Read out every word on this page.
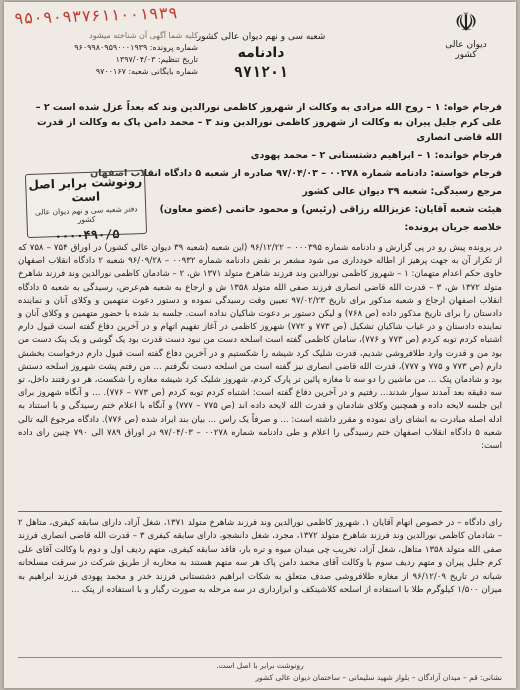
۹۵۰۹۰۹۳۷۶۱۱۰۰۱۹۳۹	☫
دیوان عالی کشور
شعبه سی و نهم دیوان عالی کشور
دادنامه
۹۷۱۲۰۱
کلیه شما آگهی آن شناخته میشود
شماره پرونده: ۹۶۰۹۹۸۰۹۵۹۰۰۰۱۹۳۹
تاریخ تنظیم: ۱۳۹۷/۰۴/۰۳
شماره بایگانی شعبه: ۹۷۰۰۱۶۷

فرجام خواه: ۱ – روح الله مرادی به وکالت از شهروز کاظمی نورالدین وند که بعداً عزل شده است ۲ – علی کرم جلیل پیران به وکالت از شهروز کاظمی نورالدین وند ۳ – محمد دامن پاک به وکالت از قدرت الله قاضی انصاری

فرجام خوانده: ۱ – ابراهیم دشتستانی ۲ – محمد پهودی

فرجام خواسته: دادنامه شماره ۰۰۲۷۸ – ۹۷/۰۴/۰۳ صادره از شعبه ۵ دادگاه انقلاب اصفهان

مرجع رسیدگی: شعبه ۳۹ دیوان عالی کشور

هیئت شعبه آقایان: عزیزالله رزاقی (رئیس) و محمود حاتمی (عضو معاون)

خلاصه جریان پرونده:

رونوشت برابر اصل است
دفتر شعبه سی و نهم دیوان عالی کشور
۰۰۰۰۴۹۰/۵

در پرونده پیش رو در پی گزارش و دادنامه شماره ۰۰۰۳۹۵ – ۹۶/۱۲/۲۲ (این شعبه (شعبه ۳۹ دیوان عالی کشور) در اوراق ۷۵۴ – ۷۵۸ که از تکرار آن به جهت پرهیز از اطاله خودداری می شود مشعر بر نقض دادنامه شماره ۰۰۹۳۲ – ۹۶/۰۹/۲۸ شعبه ۲ دادگاه انقلاب اصفهان حاوی حکم اعدام متهمان: ۱ – شهروز کاظمی نورالدین وند فرزند شاهرخ متولد ۱۳۷۱ ش، ۲ – شادمان کاظمی نورالدین وند فرزند شاهرخ متولد ۱۳۷۲ ش، ۳ – قدرت الله قاضی انصاری فرزند صفی الله متولد ۱۳۵۸ ش و ارجاع به شعبه هم‌عرض، رسیدگی به شعبه ۵ دادگاه انقلاب اصفهان ارجاع و شعبه مذکور برای تاریخ ۹۷/۰۲/۲۳ تعیین وقت رسیدگی نموده و دستور دعوت متهمین و وکلای آنان و نماینده دادستان را برای تاریخ مذکور داده (ص ۷۶۸) و لیکن دستور بر دعوت شاکیان نداده است. جلسه بد شده با حضور متهمین و وکلای آنان و نماینده دادستان و در غیاب شاکیان تشکیل (ص ۷۷۳ و ۷۷۲) شهروز کاظمی در آغاز تفهیم اتهام و در آخرین دفاع گفته است قبول دارم اشتباه کردم توبه کردم (ص ۷۷۳ و ۷۷۶)، سامان کاظمی گفته است اسلحه دست من نبود دست قدرت بود یک گوشی و یک پنک دست من بود من و قدرت وارد طلافروشی شدیم، قدرت شلیک کرد شیشه را شکستیم و در آخرین دفاع گفته است قبول دارم درخواست بخشش دارم (ص ۷۷۳ و ۷۷۵ و ۷۷۷)، قدرت الله قاضی انصاری نیز گفته است من اسلحه دست نگرفتم ... من رفتم پشت شهروز اسلحه دستش بود و شادمان پتک ... من ماشین را دو سه تا مغازه پائین تر پارک کردم، شهروز شلیک کرد شیشه مغازه را شکست، هر دو رفتند داخل، تو سه دقیقه بعد آمدند سوار شدند... رفتیم و در آخرین دفاع گفته است: اشتباه کردم توبه کردم (ص ۷۷۳ – ۷۷۶). ... و آنگاه شهروز برای این جلسه لایحه داده و همچنین وکلای شادمان و قدرت الله لایحه داده اند (ص ۷۷۵ – ۷۷۷) و آنگاه با اعلام ختم رسیدگی و با استناد به ادله اصله مبادرت به انشای رای نموده و مقرر داشته است: ... و صرفاً یک راس ... بیان بند ایراد شده (ص ۷۷۶). دادگاه مرجوع الیه تالی شعبه ۵ دادگاه انقلاب اصفهان ختم رسیدگی را اعلام و طی دادنامه شماره ۰۰۲۷۸ – ۹۷/۰۴/۰۳ در اوراق ۷۸۹ الی ۷۹۰ چنین رای داده است:

رای دادگاه – در خصوص اتهام آقایان ۱. شهروز کاظمی نورالدین وند فرزند شاهرخ متولد ۱۳۷۱، شغل آزاد، دارای سابقه کیفری، متاهل ۲ – شادمان کاظمی نورالدین وند فرزند شاهرخ متولد ۱۳۷۲، مجرد، شغل دانشجو، دارای سابقه کیفری ۳ – قدرت الله قاضی انصاری فرزند صفی الله متولد ۱۳۵۸ متاهل، شغل آزاد، تخریب چی میدان میوه و تره بار، فاقد سابقه کیفری، متهم ردیف اول و دوم با وکالت آقای علی کرم جلیل پیران و متهم ردیف سوم با وکالت آقای محمد دامن پاک هر سه متهم هستند به محاربه از طریق شرکت در سرقت مسلحانه شبانه در تاریخ ۹۶/۱۲/۰۹ از مغازه طلافروشی صدف متعلق به شکات ابراهیم دشتستانی فرزند خدر و محمد پهودی فرزند ابراهیم به میزان ۱/۵۰۰ کیلوگرم طلا با استفاده از اسلحه کلاشینکف و ابزارداری در سه مرحله به صورت رگبار و با استفاده از پتک ...

رونوشت برابر با اصل است.
نشانی: قم – میدان آزادگان – بلوار شهید سلیمانی – ساختمان دیوان عالی کشور
